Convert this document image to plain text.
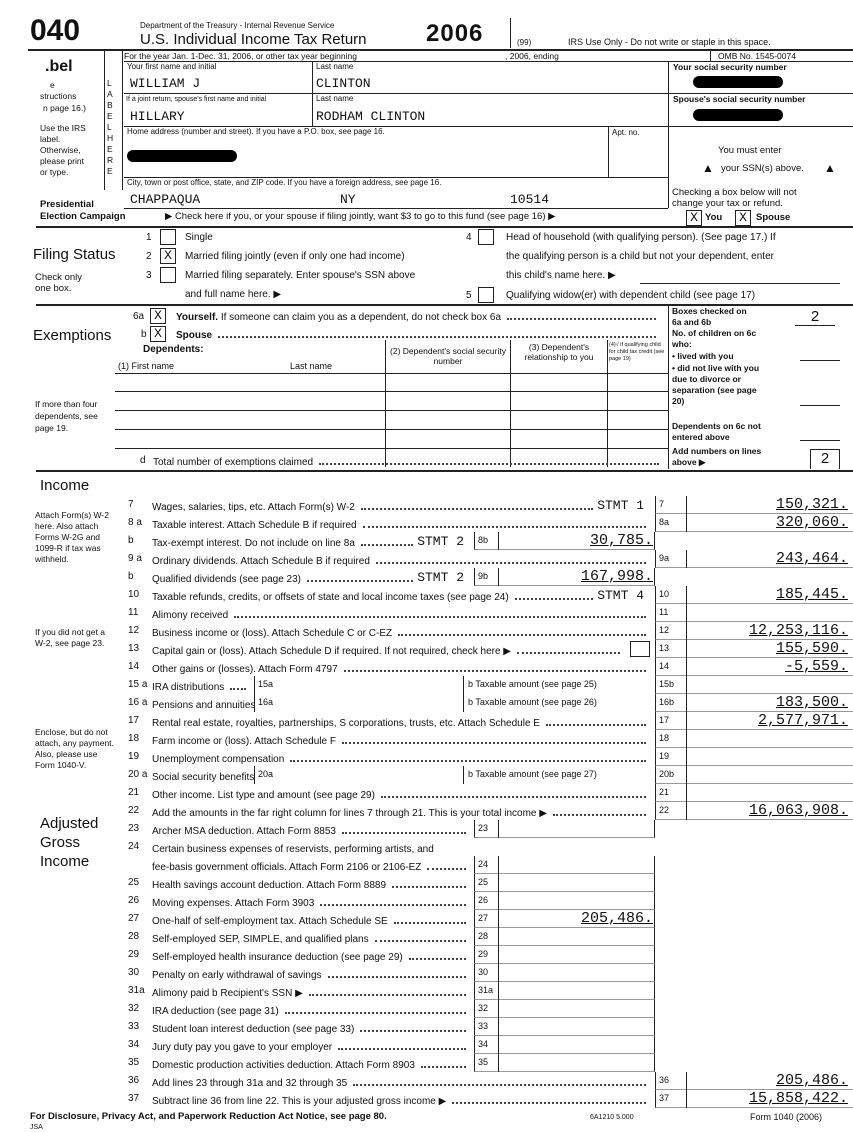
040	Department of the Treasury - Internal Revenue Service
U.S. Individual Income Tax Return 2006	(99)	IRS Use Only - Do not write or staple in this space.
For the year Jan. 1-Dec. 31, 2006, or other tax year beginning	, 2006, ending	OMB No. 1545-0074
.bel
e
structions
n page 16.)
Use the IRS
label.
Otherwise,
please print
or type.
LABEL HERE
Your first name and initial
WILLIAM J
Last name
CLINTON
Your social security number
If a joint return, spouse's first name and initial
HILLARY
Last name
RODHAM CLINTON
Spouse's social security number
Home address (number and street). If you have a P.O. box, see page 16.	Apt. no.
You must enter
▲ your SSN(s) above. ▲
City, town or post office, state, and ZIP code. If you have a foreign address, see page 16.
CHAPPAQUA	NY	10514	Checking a box below will not
change your tax or refund.
Presidential
Election Campaign	▶ Check here if you, or your spouse if filing jointly, want $3 to go to this fund (see page 16) ▶	X You	X Spouse
Filing Status
Check only
one box.
1	Single
2 X	Married filing jointly (even if only one had income)
3	Married filing separately. Enter spouse's SSN above
and full name here. ▶
4	Head of household (with qualifying person). (See page 17.) If
the qualifying person is a child but not your dependent, enter
this child's name here. ▶
5	Qualifying widow(er) with dependent child (see page 17)
Exemptions
6a X	Yourself.
If someone can claim you as a dependent, do not check box 6a
b X	Spouse
Dependents:
(1) First name	Last name
(2) Dependent's social security number
(3) Dependent's relationship to you
(4)√ if qualifying child for child tax credit (see page 19)
If more than four
dependents, see
page 19.
Boxes checked on 6a and 6b	2
No. of children on 6c who:
• lived with you
• did not live with you due to divorce or separation (see page 20)
Dependents on 6c not entered above
d Total number of exemptions claimed
Add numbers on lines above ▶	2
Income
Attach Form(s) W-2 here. Also attach Forms W-2G and 1099-R if tax was withheld.
If you did not get a W-2, see page 23.
Enclose, but do not attach, any payment. Also, please use Form 1040-V.
Adjusted
Gross
Income
7 Wages, salaries, tips, etc. Attach Form(s) W-2	STMT 1 7	150,321.
8 a Taxable interest. Attach Schedule B if required	8a	320,060.
b Tax-exempt interest. Do not include on line 8a	STMT 2 8b	30,785.
9 a Ordinary dividends. Attach Schedule B if required	9a	243,464.
b Qualified dividends (see page 23)	STMT 2 9b	167,998.
10 Taxable refunds, credits, or offsets of state and local income taxes (see page 24)	STMT 4 10	185,445.
11 Alimony received	11
12 Business income or (loss). Attach Schedule C or C-EZ	12	12,253,116.
13 Capital gain or (loss). Attach Schedule D if required. If not required, check here ▶	13	155,590.
14 Other gains or (losses). Attach Form 4797	14	-5,559.
15 a IRA distributions	15a	b Taxable amount (see page 25)	15b
16 a Pensions and annuities 16a	b Taxable amount (see page 26)	16b	183,500.
17 Rental real estate, royalties, partnerships, S corporations, trusts, etc. Attach Schedule E	17	2,577,971.
18 Farm income or (loss). Attach Schedule F	18
19 Unemployment compensation	19
20 a Social security benefits 20a	b Taxable amount (see page 27)	20b
21 Other income. List type and amount (see page 29)	21
22 Add the amounts in the far right column for lines 7 through 21. This is your total income ▶	22	16,063,908.
23 Archer MSA deduction. Attach Form 8853	23
24 Certain business expenses of reservists, performing artists, and
fee-basis government officials. Attach Form 2106 or 2106-EZ	24
25 Health savings account deduction. Attach Form 8889	25
26 Moving expenses. Attach Form 3903	26
27 One-half of self-employment tax. Attach Schedule SE	27	205,486.
28 Self-employed SEP, SIMPLE, and qualified plans	28
29 Self-employed health insurance deduction (see page 29)	29
30 Penalty on early withdrawal of savings	30
31a Alimony paid b Recipient's SSN ▶	31a
32 IRA deduction (see page 31)	32
33 Student loan interest deduction (see page 33)	33
34 Jury duty pay you gave to your employer	34
35 Domestic production activities deduction. Attach Form 8903	35
36 Add lines 23 through 31a and 32 through 35	36	205,486.
37 Subtract line 36 from line 22. This is your adjusted gross income ▶	37	15,858,422.
For Disclosure, Privacy Act, and Paperwork Reduction Act Notice, see page 80.
JSA
6A1210 5.000	Form 1040 (2006)
